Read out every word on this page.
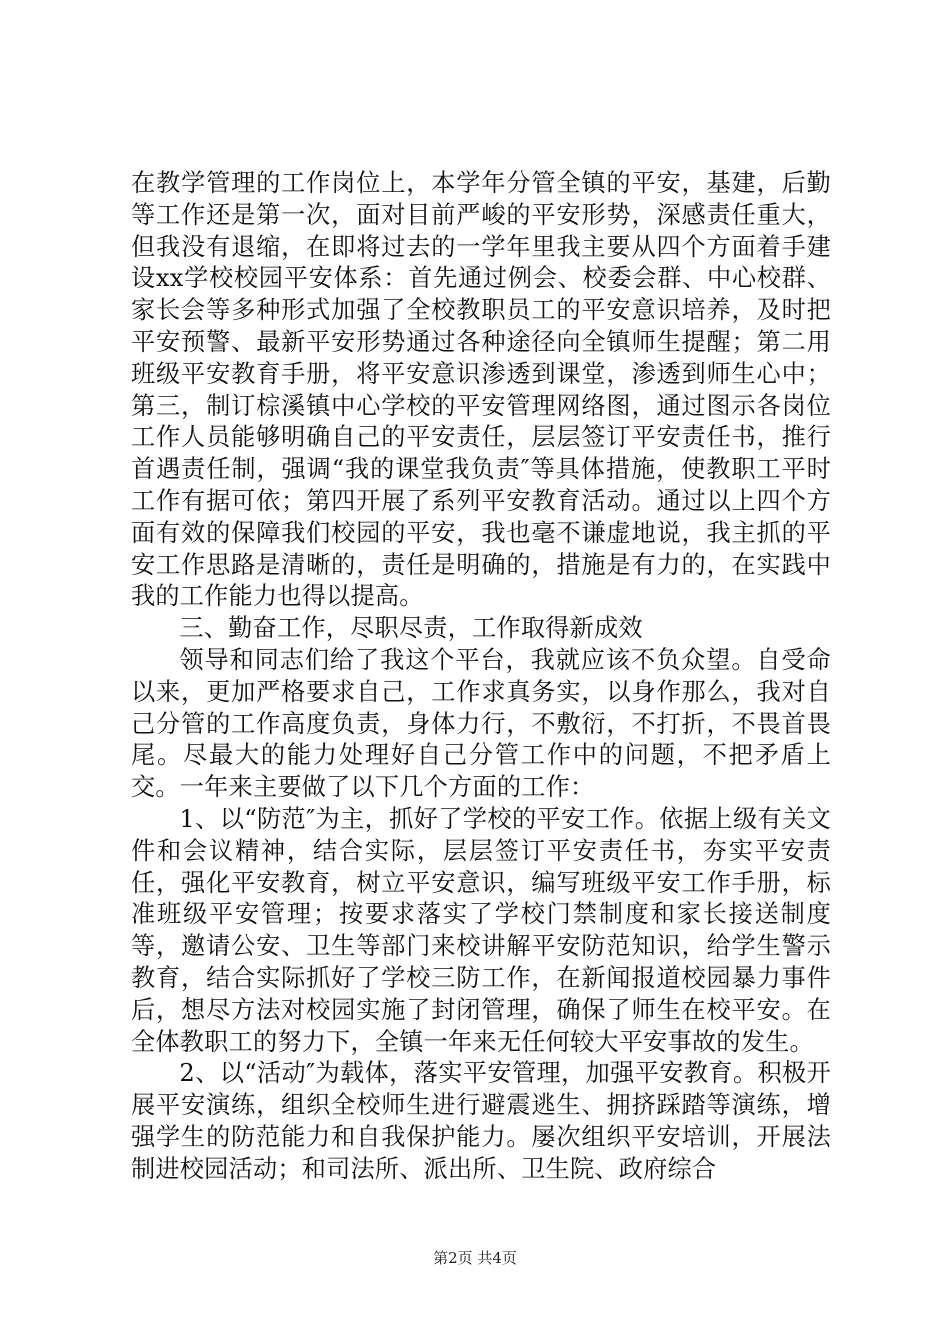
在教学管理的工作岗位上，本学年分管全镇的平安，基建，后勤等工作还是第一次，面对目前严峻的平安形势，深感责任重大，但我没有退缩，在即将过去的一学年里我主要从四个方面着手建设xx学校校园平安体系：首先通过例会、校委会群、中心校群、家长会等多种形式加强了全校教职员工的平安意识培养，及时把平安预警、最新平安形势通过各种途径向全镇师生提醒；第二用班级平安教育手册，将平安意识渗透到课堂，渗透到师生心中；第三，制订棕溪镇中心学校的平安管理网络图，通过图示各岗位工作人员能够明确自己的平安责任，层层签订平安责任书，推行首遇责任制，强调“我的课堂我负责″等具体措施，使教职工平时工作有据可依；第四开展了系列平安教育活动。通过以上四个方面有效的保障我们校园的平安，我也毫不谦虚地说，我主抓的平安工作思路是清晰的，责任是明确的，措施是有力的，在实践中我的工作能力也得以提高。

三、勤奋工作，尽职尽责，工作取得新成效

领导和同志们给了我这个平台，我就应该不负众望。自受命以来，更加严格要求自己，工作求真务实，以身作那么，我对自己分管的工作高度负责，身体力行，不敷衍，不打折，不畏首畏尾。尽最大的能力处理好自己分管工作中的问题，不把矛盾上交。一年来主要做了以下几个方面的工作：

1、以“防范″为主，抓好了学校的平安工作。依据上级有关文件和会议精神，结合实际，层层签订平安责任书，夯实平安责任，强化平安教育，树立平安意识，编写班级平安工作手册，标准班级平安管理；按要求落实了学校门禁制度和家长接送制度等，邀请公安、卫生等部门来校讲解平安防范知识，给学生警示教育，结合实际抓好了学校三防工作，在新闻报道校园暴力事件后，想尽方法对校园实施了封闭管理，确保了师生在校平安。在全体教职工的努力下，全镇一年来无任何较大平安事故的发生。

2、以“活动″为载体，落实平安管理，加强平安教育。积极开展平安演练，组织全校师生进行避震逃生、拥挤踩踏等演练，增强学生的防范能力和自我保护能力。屡次组织平安培训，开展法制进校园活动；和司法所、派出所、卫生院、政府综合

第2页 共4页
